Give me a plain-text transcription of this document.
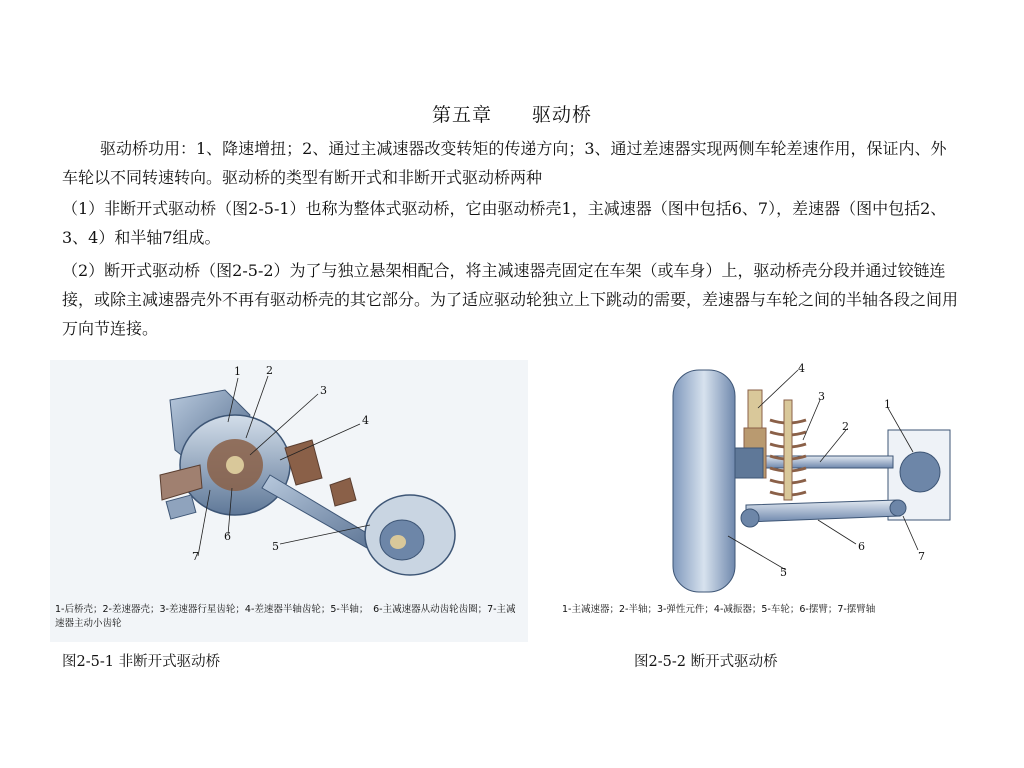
第五章　　驱动桥
驱动桥功用：1、降速增扭；2、通过主减速器改变转矩的传递方向；3、通过差速器实现两侧车轮差速作用，保证内、外车轮以不同转速转向。驱动桥的类型有断开式和非断开式驱动桥两种
（1）非断开式驱动桥（图2-5-1）也称为整体式驱动桥，它由驱动桥壳1，主减速器（图中包括6、7），差速器（图中包括2、3、4）和半轴7组成。
（2）断开式驱动桥（图2-5-2）为了与独立悬架相配合，将主减速器壳固定在车架（或车身）上，驱动桥壳分段并通过铰链连接，或除主减速器壳外不再有驱动桥壳的其它部分。为了适应驱动轮独立上下跳动的需要，差速器与车轮之间的半轴各段之间用万向节连接。
1 2
3
4
5
6
7
1-后桥壳；2-差速器壳；3-差速器行星齿轮；4-差速器半轴齿轮；5-半轴；　6-主减速器从动齿轮齿圈；7-主减速器主动小齿轮
1
2
3
4
5
6
7
1-主减速器；2-半轴；3-弹性元件；4-减振器；5-车轮；6-摆臂；7-摆臂轴
图2-5-1 非断开式驱动桥	图2-5-2 断开式驱动桥
